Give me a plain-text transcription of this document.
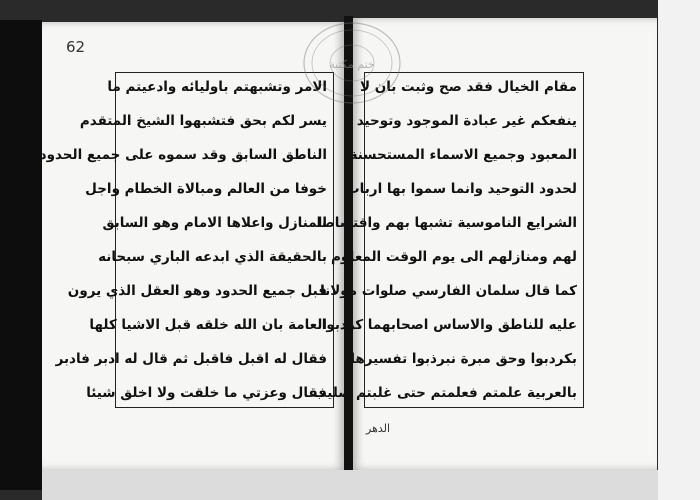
62
الامر وتشبهتم باوليائه وادعيتم ما
يسر لكم بحق فتشبهوا الشيخ المتقدم
الناطق السابق وقد سموه على جميع الحدود
خوفا من العالم ومبالاة الخطام واجل
المنازل واعلاها الامام وهو السابق
بالحقيقة الذي ابدعه الباري سبحانه
قبل جميع الحدود وهو العقل الذي يرون
العامة بان الله خلقه قبل الاشيا كلها
فقال له اقبل فاقبل ثم قال له ادبر فادبر
فقال وعزتي ما خلقت ولا اخلق شيئا
مقام الخيال فقد صح وثبت بان لا
ينفعكم غير عبادة الموجود وتوحيد
المعبود وجميع الاسماء المستحسنة
لحدود التوحيد وانما سموا بها ارباب
الشرايع الناموسية تشبها بهم واقتصاصا
لهم ومنازلهم الى يوم الوقت المعلوم
كما قال سلمان الفارسي صلوات مولانا
عليه للناطق والاساس اصحابهما كردبوا
بكردبوا وحق مبرة نبرذبوا تفسيرها
بالعربية علمتم فعلمتم حتى غلبتم صليب
الدهر
ختم مكتبة
